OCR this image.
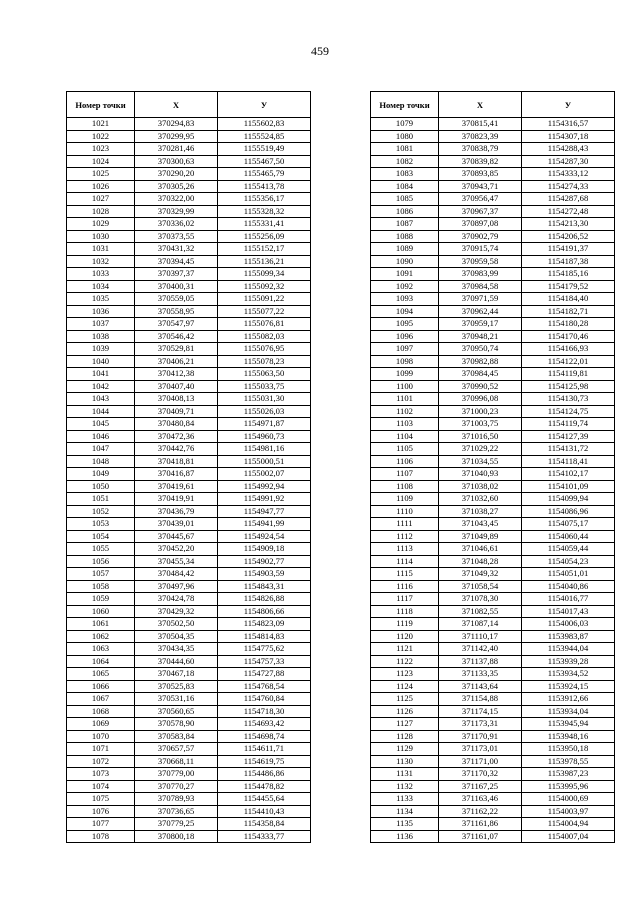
459
Номер точки	X	У
1021	370294,83	1155602,83
1022	370299,95	1155524,85
1023	370281,46	1155519,49
1024	370300,63	1155467,50
1025	370290,20	1155465,79
1026	370305,26	1155413,78
1027	370322,00	1155356,17
1028	370329,99	1155328,32
1029	370336,02	1155331,41
1030	370373,55	1155256,09
1031	370431,32	1155152,17
1032	370394,45	1155136,21
1033	370397,37	1155099,34
1034	370400,31	1155092,32
1035	370559,05	1155091,22
1036	370558,95	1155077,22
1037	370547,97	1155076,81
1038	370546,42	1155082,03
1039	370529,81	1155076,95
1040	370406,21	1155078,23
1041	370412,38	1155063,50
1042	370407,40	1155033,75
1043	370408,13	1155031,30
1044	370409,71	1155026,03
1045	370480,84	1154971,87
1046	370472,36	1154960,73
1047	370442,76	1154981,16
1048	370418,81	1155000,51
1049	370416,87	1155002,07
1050	370419,61	1154992,94
1051	370419,91	1154991,92
1052	370436,79	1154947,77
1053	370439,01	1154941,99
1054	370445,67	1154924,54
1055	370452,20	1154909,18
1056	370455,34	1154902,77
1057	370484,42	1154903,59
1058	370497,96	1154843,31
1059	370424,78	1154826,88
1060	370429,32	1154806,66
1061	370502,50	1154823,09
1062	370504,35	1154814,83
1063	370434,35	1154775,62
1064	370444,60	1154757,33
1065	370467,18	1154727,88
1066	370525,83	1154768,54
1067	370531,16	1154760,84
1068	370560,65	1154718,30
1069	370578,90	1154693,42
1070	370583,84	1154698,74
1071	370657,57	1154611,71
1072	370668,11	1154619,75
1073	370779,00	1154486,86
1074	370770,27	1154478,82
1075	370789,93	1154455,64
1076	370736,65	1154410,43
1077	370779,25	1154358,84
1078	370800,18	1154333,77
Номер точки	X	У
1079	370815,41	1154316,57
1080	370823,39	1154307,18
1081	370838,79	1154288,43
1082	370839,82	1154287,30
1083	370893,85	1154333,12
1084	370943,71	1154274,33
1085	370956,47	1154287,68
1086	370967,37	1154272,48
1087	370897,08	1154213,30
1088	370902,79	1154206,52
1089	370915,74	1154191,37
1090	370959,58	1154187,38
1091	370983,99	1154185,16
1092	370984,58	1154179,52
1093	370971,59	1154184,40
1094	370962,44	1154182,71
1095	370959,17	1154180,28
1096	370948,21	1154170,46
1097	370950,74	1154166,93
1098	370982,88	1154122,01
1099	370984,45	1154119,81
1100	370990,52	1154125,98
1101	370996,08	1154130,73
1102	371000,23	1154124,75
1103	371003,75	1154119,74
1104	371016,50	1154127,39
1105	371029,22	1154131,72
1106	371034,55	1154118,41
1107	371040,93	1154102,17
1108	371038,02	1154101,09
1109	371032,60	1154099,94
1110	371038,27	1154086,96
1111	371043,45	1154075,17
1112	371049,89	1154060,44
1113	371046,61	1154059,44
1114	371048,28	1154054,23
1115	371049,32	1154051,01
1116	371058,54	1154040,86
1117	371078,30	1154016,77
1118	371082,55	1154017,43
1119	371087,14	1154006,03
1120	371110,17	1153983,87
1121	371142,40	1153944,04
1122	371137,88	1153939,28
1123	371133,35	1153934,52
1124	371143,64	1153924,15
1125	371154,88	1153912,66
1126	371174,15	1153934,04
1127	371173,31	1153945,94
1128	371170,91	1153948,16
1129	371173,01	1153950,18
1130	371171,00	1153978,55
1131	371170,32	1153987,23
1132	371167,25	1153995,96
1133	371163,46	1154000,69
1134	371162,22	1154003,97
1135	371161,86	1154004,94
1136	371161,07	1154007,04
